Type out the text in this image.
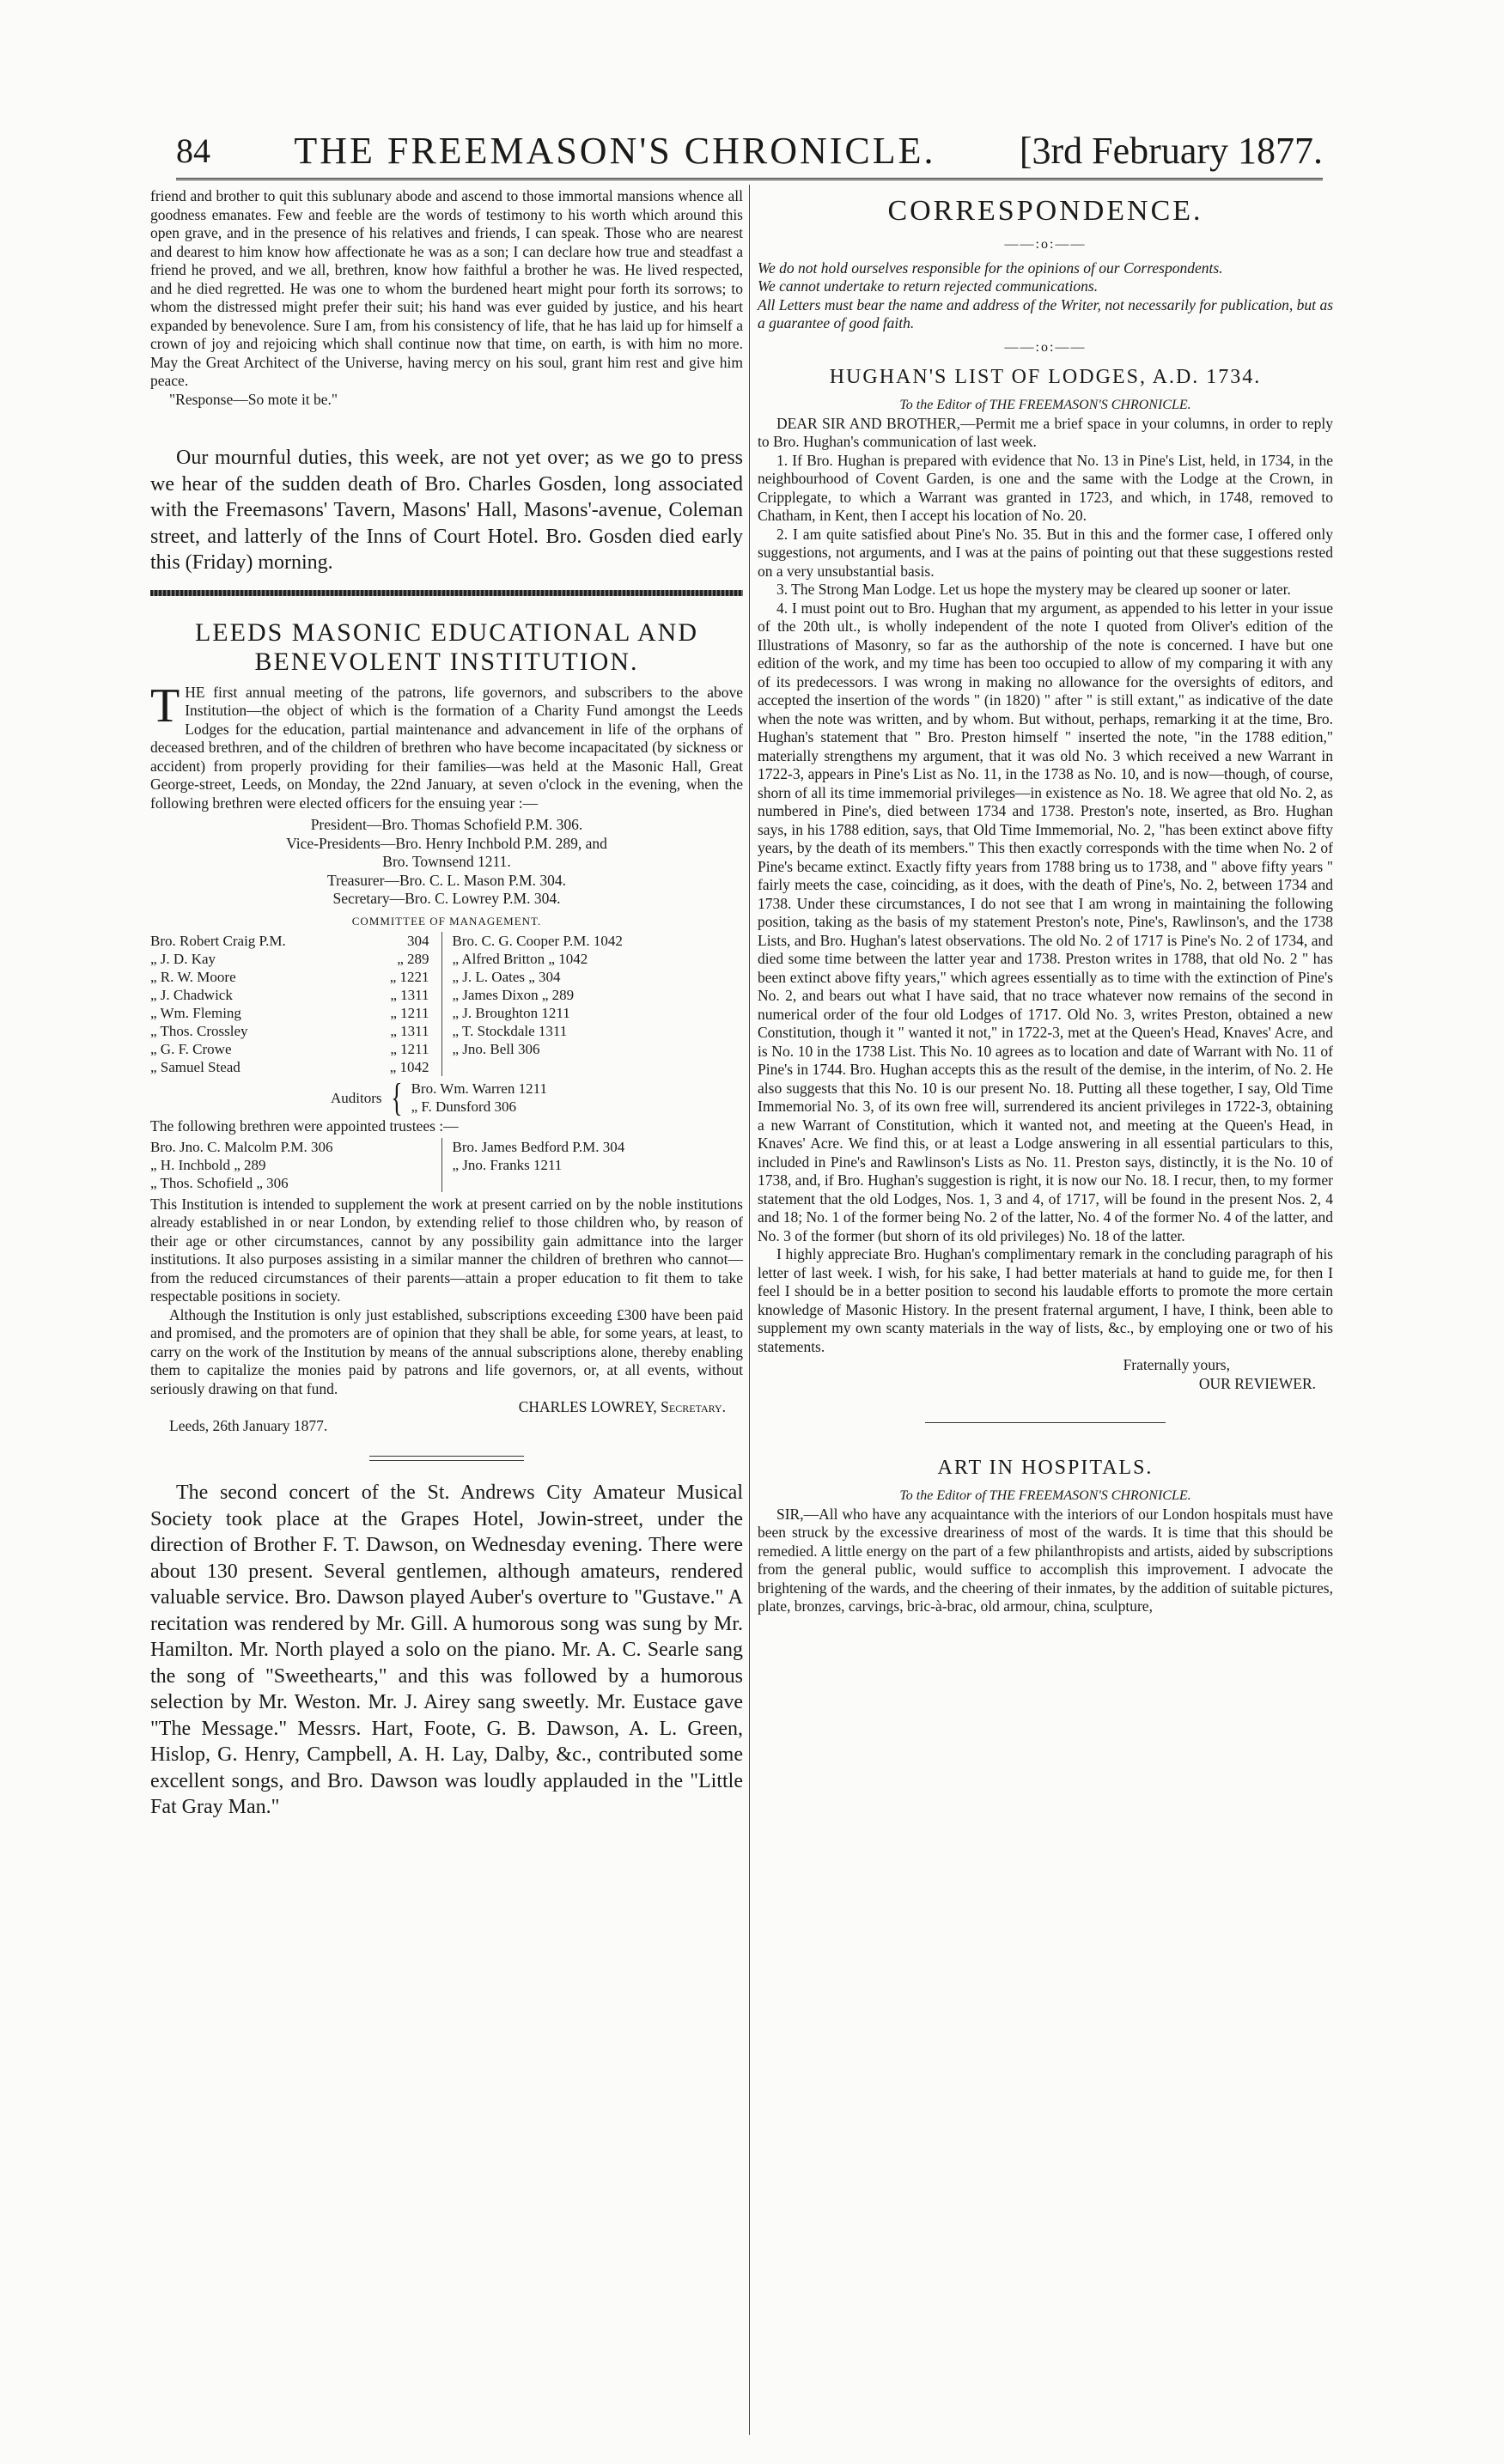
84 THE FREEMASON'S CHRONICLE. [3rd February 1877.

friend and brother to quit this sublunary abode and ascend to those immortal mansions whence all goodness emanates. Few and feeble are the words of testimony to his worth which around this open grave, and in the presence of his relatives and friends, I can speak. Those who are nearest and dearest to him know how affectionate he was as a son; I can declare how true and steadfast a friend he proved, and we all, brethren, know how faithful a brother he was. He lived respected, and he died regretted. He was one to whom the burdened heart might pour forth its sorrows; to whom the distressed might prefer their suit; his hand was ever guided by justice, and his heart expanded by benevolence. Sure I am, from his consistency of life, that he has laid up for himself a crown of joy and rejoicing which shall continue now that time, on earth, is with him no more. May the Great Architect of the Universe, having mercy on his soul, grant him rest and give him peace.

"Response—So mote it be."

Our mournful duties, this week, are not yet over; as we go to press we hear of the sudden death of Bro. Charles Gosden, long associated with the Freemasons' Tavern, Masons' Hall, Masons'-avenue, Coleman street, and latterly of the Inns of Court Hotel. Bro. Gosden died early this (Friday) morning.

LEEDS MASONIC EDUCATIONAL AND BENEVOLENT INSTITUTION.
T HE first annual meeting of the patrons, life governors, and subscribers to the above Institution—the object of which is the formation of a Charity Fund amongst the Leeds Lodges for the education, partial maintenance and advancement in life of the orphans of deceased brethren, and of the children of brethren who have become incapacitated (by sickness or accident) from properly providing for their families—was held at the Masonic Hall, Great George-street, Leeds, on Monday, the 22nd January, at seven o'clock in the evening, when the following brethren were elected officers for the ensuing year :—

President—Bro. Thomas Schofield P.M. 306.

Vice-Presidents—Bro. Henry Inchbold P.M. 289, and

Bro. Townsend 1211.

Treasurer—Bro. C. L. Mason P.M. 304.

Secretary—Bro. C. Lowrey P.M. 304.

COMMITTEE OF MANAGEMENT.

Bro. Robert Craig P.M.	304
„ J. D. Kay	„ 289
„ R. W. Moore	„ 1221
„ J. Chadwick	„ 1311
„ Wm. Fleming	„ 1211
„ Thos. Crossley	„ 1311
„ G. F. Crowe	„ 1211
„ Samuel Stead	„ 1042
Bro. C. G. Cooper P.M. 1042
„ Alfred Britton „ 1042
„ J. L. Oates „ 304
„ James Dixon „ 289
„ J. Broughton 1211
„ T. Stockdale 1311
„ Jno. Bell 306
Auditors { Bro. Wm. Warren 1211
„ F. Dunsford 306

The following brethren were appointed trustees :—

Bro. Jno. C. Malcolm P.M. 306
„ H. Inchbold „ 289
„ Thos. Schofield „ 306
Bro. James Bedford P.M. 304
„ Jno. Franks 1211

This Institution is intended to supplement the work at present carried on by the noble institutions already established in or near London, by extending relief to those children who, by reason of their age or other circumstances, cannot by any possibility gain admittance into the larger institutions. It also purposes assisting in a similar manner the children of brethren who cannot—from the reduced circumstances of their parents—attain a proper education to fit them to take respectable positions in society.

Although the Institution is only just established, subscriptions exceeding £300 have been paid and promised, and the promoters are of opinion that they shall be able, for some years, at least, to carry on the work of the Institution by means of the annual subscriptions alone, thereby enabling them to capitalize the monies paid by patrons and life governors, or, at all events, without seriously drawing on that fund.

CHARLES LOWREY, Secretary.

Leeds, 26th January 1877.

The second concert of the St. Andrews City Amateur Musical Society took place at the Grapes Hotel, Jowin-street, under the direction of Brother F. T. Dawson, on Wednesday evening. There were about 130 present. Several gentlemen, although amateurs, rendered valuable service. Bro. Dawson played Auber's overture to "Gustave." A recitation was rendered by Mr. Gill. A humorous song was sung by Mr. Hamilton. Mr. North played a solo on the piano. Mr. A. C. Searle sang the song of "Sweethearts," and this was followed by a humorous selection by Mr. Weston. Mr. J. Airey sang sweetly. Mr. Eustace gave "The Message." Messrs. Hart, Foote, G. B. Dawson, A. L. Green, Hislop, G. Henry, Campbell, A. H. Lay, Dalby, &c., contributed some excellent songs, and Bro. Dawson was loudly applauded in the "Little Fat Gray Man."

CORRESPONDENCE.
——:o:——

We do not hold ourselves responsible for the opinions of our Correspondents.

We cannot undertake to return rejected communications.

All Letters must bear the name and address of the Writer, not necessarily for publication, but as a guarantee of good faith.

——:o:——
HUGHAN'S LIST OF LODGES, A.D. 1734.

To the Editor of THE FREEMASON'S CHRONICLE.

DEAR SIR AND BROTHER,—Permit me a brief space in your columns, in order to reply to Bro. Hughan's communication of last week.

1. If Bro. Hughan is prepared with evidence that No. 13 in Pine's List, held, in 1734, in the neighbourhood of Covent Garden, is one and the same with the Lodge at the Crown, in Cripplegate, to which a Warrant was granted in 1723, and which, in 1748, removed to Chatham, in Kent, then I accept his location of No. 20.

2. I am quite satisfied about Pine's No. 35. But in this and the former case, I offered only suggestions, not arguments, and I was at the pains of pointing out that these suggestions rested on a very unsubstantial basis.

3. The Strong Man Lodge. Let us hope the mystery may be cleared up sooner or later.

4. I must point out to Bro. Hughan that my argument, as appended to his letter in your issue of the 20th ult., is wholly independent of the note I quoted from Oliver's edition of the Illustrations of Masonry, so far as the authorship of the note is concerned. I have but one edition of the work, and my time has been too occupied to allow of my comparing it with any of its predecessors. I was wrong in making no allowance for the oversights of editors, and accepted the insertion of the words " (in 1820) " after " is still extant," as indicative of the date when the note was written, and by whom. But without, perhaps, remarking it at the time, Bro. Hughan's statement that " Bro. Preston himself " inserted the note, "in the 1788 edition," materially strengthens my argument, that it was old No. 3 which received a new Warrant in 1722-3, appears in Pine's List as No. 11, in the 1738 as No. 10, and is now—though, of course, shorn of all its time immemorial privileges—in existence as No. 18. We agree that old No. 2, as numbered in Pine's, died between 1734 and 1738. Preston's note, inserted, as Bro. Hughan says, in his 1788 edition, says, that Old Time Immemorial, No. 2, "has been extinct above fifty years, by the death of its members." This then exactly corresponds with the time when No. 2 of Pine's became extinct. Exactly fifty years from 1788 bring us to 1738, and " above fifty years " fairly meets the case, coinciding, as it does, with the death of Pine's, No. 2, between 1734 and 1738. Under these circumstances, I do not see that I am wrong in maintaining the following position, taking as the basis of my statement Preston's note, Pine's, Rawlinson's, and the 1738 Lists, and Bro. Hughan's latest observations. The old No. 2 of 1717 is Pine's No. 2 of 1734, and died some time between the latter year and 1738. Preston writes in 1788, that old No. 2 " has been extinct above fifty years," which agrees essentially as to time with the extinction of Pine's No. 2, and bears out what I have said, that no trace whatever now remains of the second in numerical order of the four old Lodges of 1717. Old No. 3, writes Preston, obtained a new Constitution, though it " wanted it not," in 1722-3, met at the Queen's Head, Knaves' Acre, and is No. 10 in the 1738 List. This No. 10 agrees as to location and date of Warrant with No. 11 of Pine's in 1744. Bro. Hughan accepts this as the result of the demise, in the interim, of No. 2. He also suggests that this No. 10 is our present No. 18. Putting all these together, I say, Old Time Immemorial No. 3, of its own free will, surrendered its ancient privileges in 1722-3, obtaining a new Warrant of Constitution, which it wanted not, and meeting at the Queen's Head, in Knaves' Acre. We find this, or at least a Lodge answering in all essential particulars to this, included in Pine's and Rawlinson's Lists as No. 11. Preston says, distinctly, it is the No. 10 of 1738, and, if Bro. Hughan's suggestion is right, it is now our No. 18. I recur, then, to my former statement that the old Lodges, Nos. 1, 3 and 4, of 1717, will be found in the present Nos. 2, 4 and 18; No. 1 of the former being No. 2 of the latter, No. 4 of the former No. 4 of the latter, and No. 3 of the former (but shorn of its old privileges) No. 18 of the latter.

I highly appreciate Bro. Hughan's complimentary remark in the concluding paragraph of his letter of last week. I wish, for his sake, I had better materials at hand to guide me, for then I feel I should be in a better position to second his laudable efforts to promote the more certain knowledge of Masonic History. In the present fraternal argument, I have, I think, been able to supplement my own scanty materials in the way of lists, &c., by employing one or two of his statements.

Fraternally yours,

OUR REVIEWER.

ART IN HOSPITALS.

To the Editor of THE FREEMASON'S CHRONICLE.

SIR,—All who have any acquaintance with the interiors of our London hospitals must have been struck by the excessive dreariness of most of the wards. It is time that this should be remedied. A little energy on the part of a few philanthropists and artists, aided by subscriptions from the general public, would suffice to accomplish this improvement. I advocate the brightening of the wards, and the cheering of their inmates, by the addition of suitable pictures, plate, bronzes, carvings, bric-à-brac, old armour, china, sculpture,
